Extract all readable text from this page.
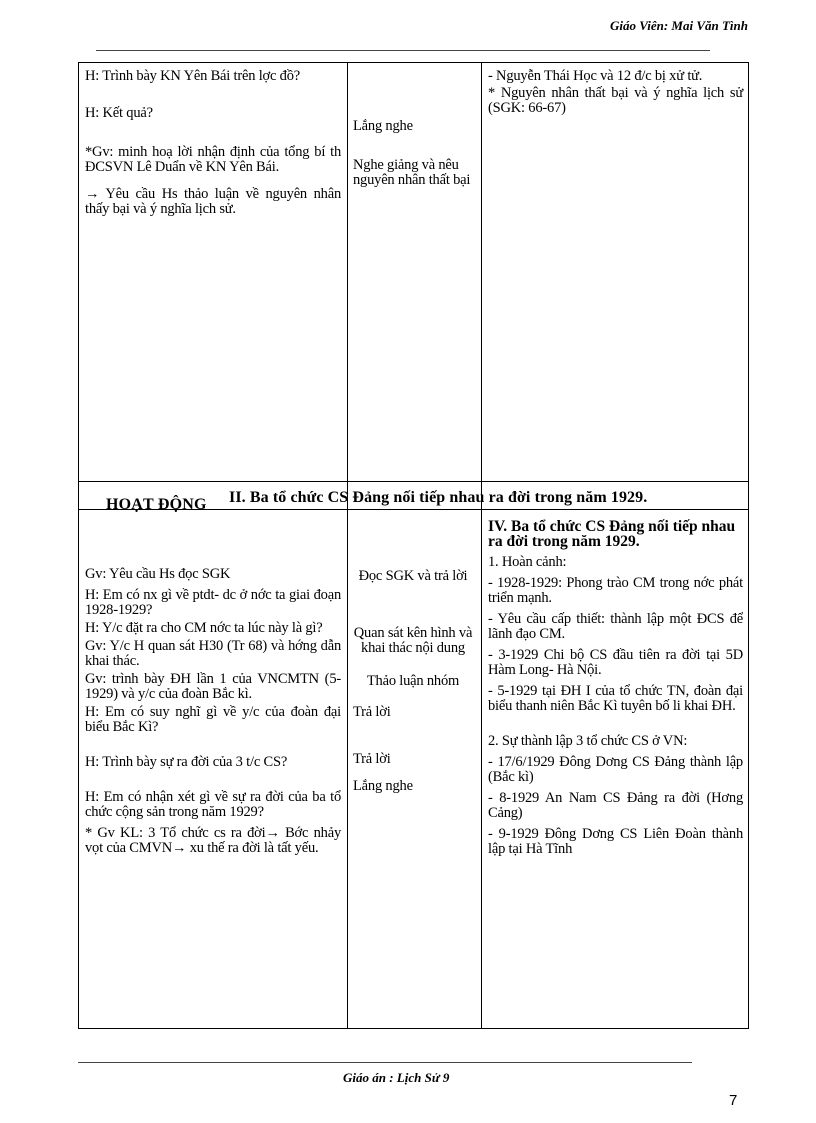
Giáo Viên: Mai Văn Tình

H: Trình bày KN Yên Bái trên lợc đồ?

H: Kết quả?

*Gv: minh hoạ lời nhận định của tổng bí th ĐCSVN Lê Duẩn về KN Yên Bái.

→ Yêu cầu Hs thảo luận về nguyên nhân thấy bại và ý nghĩa lịch sử.

Lắng nghe

Nghe giảng và nêu nguyên nhân thất bại

- Nguyễn Thái Học và 12 đ/c bị xử tử.

* Nguyên nhân thất bại và ý nghĩa lịch sử (SGK: 66-67)

HOẠT ĐỘNG II. Ba tổ chức CS Đảng nối tiếp nhau ra đời trong năm 1929.

Gv: Yêu cầu Hs đọc SGK

H: Em có nx gì về ptdt- dc ở nớc ta giai đoạn 1928-1929?

H: Y/c đặt ra cho CM nớc ta lúc này là gì?

Gv: Y/c H quan sát H30 (Tr 68) và hớng dẫn khai thác.

Gv: trình bày ĐH lần 1 của VNCMTN (5-1929) và y/c của đoàn Bắc kì.

H: Em có suy nghĩ gì về y/c của đoàn đại biểu Bắc Kì?

H: Trình bày sự ra đời của 3 t/c CS?

H: Em có nhận xét gì về sự ra đời của ba tổ chức cộng sản trong năm 1929?

* Gv KL: 3 Tổ chức cs ra đời→ Bớc nhảy vọt của CMVN→ xu thế ra đời là tất yếu.

Đọc SGK và trả lời

Quan sát kên hình và khai thác nội dung

Thảo luận nhóm

Trả lời

Trả lời

Lắng nghe

IV. Ba tổ chức CS Đảng nối tiếp nhau ra đời trong năm 1929.

1. Hoàn cảnh:

- 1928-1929: Phong trào CM trong nớc phát triển mạnh.

- Yêu cầu cấp thiết: thành lập một ĐCS để lãnh đạo CM.

- 3-1929 Chi bộ CS đầu tiên ra đời tại 5D Hàm Long- Hà Nội.

- 5-1929 tại ĐH I của tổ chức TN, đoàn đại biểu thanh niên Bắc Kì tuyên bố li khai ĐH.

2. Sự thành lập 3 tổ chức CS ở VN:

- 17/6/1929 Đông Dơng CS Đảng thành lập (Bắc kì)

- 8-1929 An Nam CS Đảng ra đời (Hơng Cảng)

- 9-1929 Đông Dơng CS Liên Đoàn thành lập tại Hà Tĩnh

Giáo án : Lịch Sử 9
7
